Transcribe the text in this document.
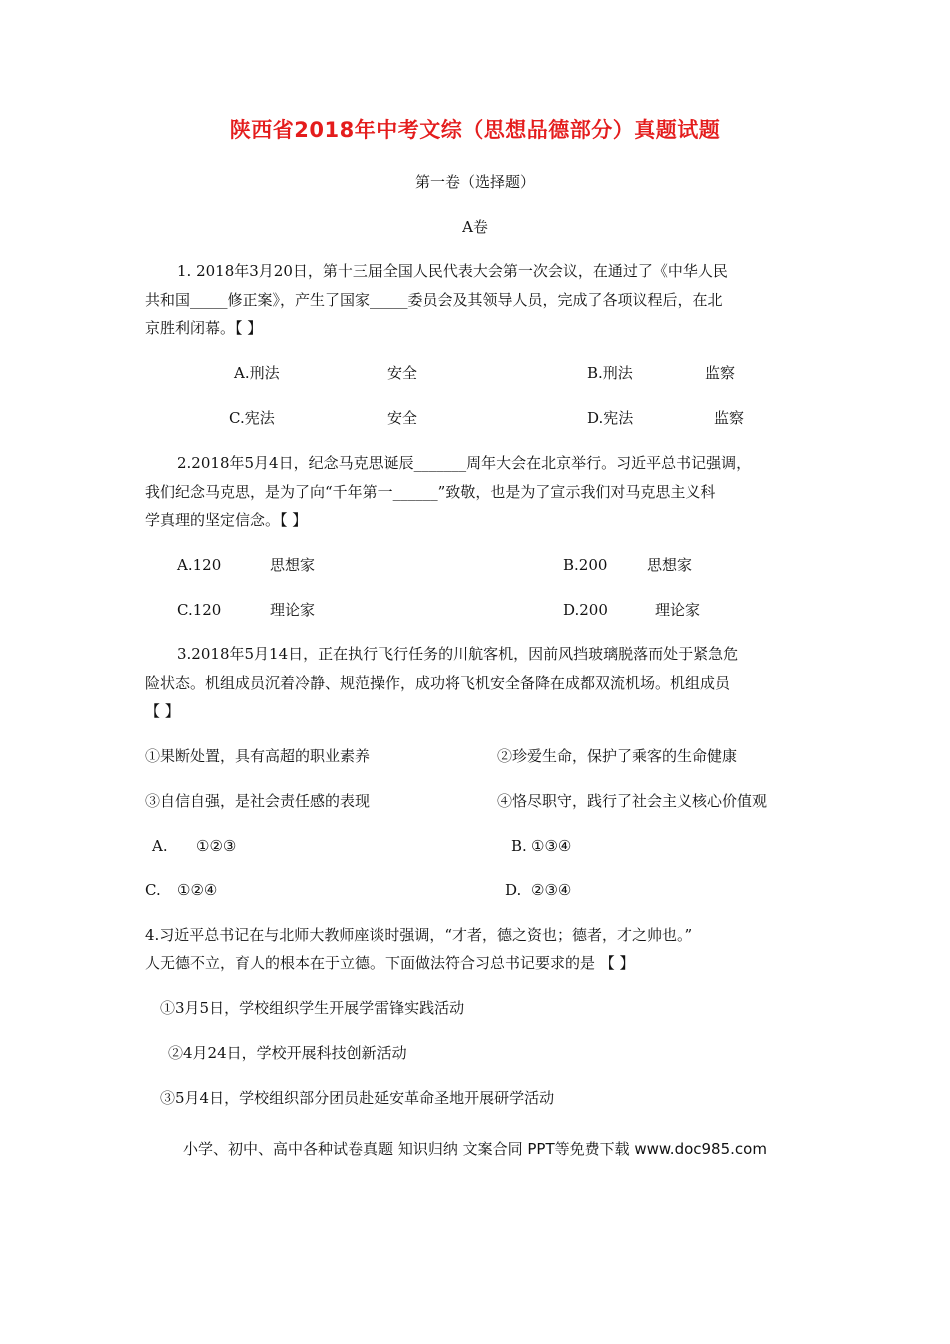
陕西省2018年中考文综（思想品德部分）真题试题
第一卷（选择题）
A卷
1. 2018年3月20日，第十三届全国人民代表大会第一次会议，在通过了《中华人民
共和国_____修正案》，产生了国家_____委员会及其领导人员，完成了各项议程后，在北
京胜利闭幕。【 】
A.刑法	安全	B.刑法	监察
C.宪法	安全	D.宪法	监察
2.2018年5月4日，纪念马克思诞辰_______周年大会在北京举行。习近平总书记强调，
我们纪念马克思，是为了向“千年第一______”致敬，也是为了宣示我们对马克思主义科
学真理的坚定信念。【 】
A.120	思想家	B.200	思想家
C.120	理论家	D.200	理论家
3.2018年5月14日，正在执行飞行任务的川航客机，因前风挡玻璃脱落而处于紧急危
险状态。机组成员沉着冷静、规范操作，成功将飞机安全备降在成都双流机场。机组成员
【 】
①果断处置，具有高超的职业素养	②珍爱生命，保护了乘客的生命健康
③自信自强，是社会责任感的表现	④恪尽职守，践行了社会主义核心价值观
A. ①②③	B. ①③④
C. ①②④	D. ②③④
4.习近平总书记在与北师大教师座谈时强调，“才者，德之资也；德者，才之帅也。”
人无德不立，育人的根本在于立德。下面做法符合习总书记要求的是 【 】
①3月5日，学校组织学生开展学雷锋实践活动
②4月24日，学校开展科技创新活动
③5月4日，学校组织部分团员赴延安革命圣地开展研学活动
小学、初中、高中各种试卷真题 知识归纳 文案合同 PPT等免费下载 www.doc985.com
